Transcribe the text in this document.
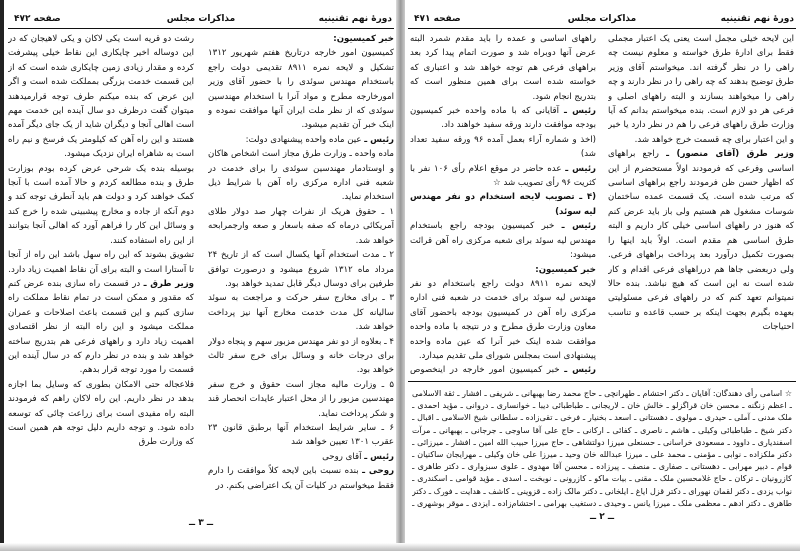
دورهٔ نهم تقنینیه
مذاکرات مجلس
صفحه ۴۷۲

خبر کمیسیون:

کمیسیون امور خارجه درتاریخ هفتم شهریور ۱۳۱۲ تشکیل و لایحه نمره ۸۹۱۱ تقدیمی دولت راجع باستخدام مهندس سوئدی را با حضور آقای وزیر امورخارجه مطرح و مواد آنرا با استخدام مهندسین سوئدی که از نظر ملت ایران آنها موافقت نموده و اینک خبر آن تقدیم میشود.

رئیس ـ عین ماده واحده پیشنهادی دولت:

ماده واحده ـ وزارت طرق مجاز است اشخاص هاکان و اوستادمار مهندسین سوئدی را برای خدمت در شعبه فنی اداره مرکزی راه آهن با شرایط ذیل استخدام نماید.

۱ ـ حقوق هریک از نفرات چهار صد دولار طلای آمریکائی درماه که صفه باسعار و صعه وارجمرابحه خواهد شد.

۲ ـ مدت استخدام آنها یکسال است که از تاریخ ۲۴ مرداد ماه ۱۳۱۲ شروع میشود و درصورت توافق طرفین برای دوسال دیگر قابل تمدید خواهد بود.

۳ ـ برای مخارج سفر حرکت و مراجعت به سوئد سالیانه کل مدت خدمت مخارج آنها نیز پرداخت خواهد شد.

۴ ـ بعلاوه از دو نفر مهندس مزبور سهم و پنجاه دولار برای درجات خانه و وسائل برای خرج سفر ثالث خواهد بود.

۵ ـ وزارت مالیه مجاز است حقوق و خرج سفر مهندسین مزبور را از محل اعتبار عایدات انحصار قند و شکر پرداخت نماید.

۶ ـ سایر شرایط استخدام آنها برطبق قانون ۲۳ عقرب ۱۳۰۱ تعیین خواهد شد

رئیس ـ آقای روحی

روحی ـ بنده نسبت باین لایحه کلاً موافقت را دارم فقط میخواستم در کلیات آن یک اعتراضی بکنم. در

رشت دو قریه است یکی لاکان و یکی لاهیجان که در این دوساله اخیر چایکاری این نقاط خیلی پیشرفت کرده و مقدار زیادی زمین چایکاری شده است که از این قسمت خدمت بزرگی بمملکت شده است و اگر این عرض که بنده میکنم طرف توجه قرارمیدهند میتوان گفت درظرف دو سال آینده این خدمت مهم است اهالی آنجا و دیگران شاید از یک جای دیگر آمده هستند و این راه آهن که کیلومتر یک فرسخ و نیم راه است به شاهراه ایران نزدیک میشود.

بوسیله بنده یک شرحی عرض کرده بودم بوزارت طرق و بنده مطالعه کردم و حالا آمده است با آنجا کمک خواهند کرد و دولت هم باید آنطرف توجه کند و دوم آنکه از جاده و مخارج پیشبینی شده را خرج کند و وسائل این کار را فراهم آورد که اهالی آنجا بتوانند از این راه استفاده کنند.

تشویق بشوند که این راه سهل باشد این راه از آنجا تا آستارا است و البته برای آن نقاط اهمیت زیاد دارد.

وزیر طرق ـ در قسمت راه سازی بنده عرض کنم که مقدور و ممکن است در تمام نقاط مملکت راه سازی کنیم و این قسمت باعث اصلاحات و عمران مملکت میشود و این راه البته از نظر اقتصادی اهمیت زیاد دارد و راههای فرعی هم بتدریج ساخته خواهد شد و بنده در نظر دارم که در سال آینده این قسمت را مورد توجه قرار بدهم.

فلاعجاله حتی الامکان بطوری که وسایل بما اجازه بدهد در نظر داریم. این راه لاکان راهم که فرمودند البته راه مفیدی است برای زراعت چائی که توسعه داده شود. و توجه داریم دلیل توجه هم همین است که وزارت طرق

ــ ۳ ــ
دورهٔ نهم تقنینیه
مذاکرات مجلس
صفحه ۴۷۱

این لایحه خیلی مجمل است یعنی یک اعتبار مجملی فقط برای ادارهٔ طرق خواسته و معلوم نیست چه راهی را در نظر گرفته اند. میخواستم آقای وزیر طرق توضیح بدهند که چه راهی را در نظر دارند و چه راهی را میخواهند بسازند و البته راههای اصلی و فرعی هر دو لازم است. بنده میخواستم بدانم که آیا وزارت طرق راههای فرعی را هم در نظر دارد یا خیر و این اعتبار برای چه قسمت خرج خواهد شد.

وزیر طرق (آقای منصور) ـ راجع براههای اساسی وفرعی که فرمودند اولاً مستحضرم از این که اظهار حسن ظن فرمودند راجع براههای اساسی که مرتب شده است. یک قسمت عمده ساختمان شوسات مشغول هم هستیم ولی باز باید عرض کنم که هنوز در راههای اساسی خیلی کار داریم و البته طرق اساسی هم مقدم است. اولاً باید اینها را بصورت تکمیل درآورد بعد پرداخت براههای فرعی. ولی دربعضی جاها هم درراههای فرعی اقدام و کار شده است نه این است که هیچ نباشد. بنده حالا نمیتوانم تعهد کنم که در راههای فرعی مسئولیتی بعهده بگیرم بجهت اینکه بر حسب قاعده و تناسب احتیاجات

راههای اساسی و عمده را باید مقدم شمرد البته عرض آنها دوبراه شد و صورت اتمام پیدا کرد بعد براههای فرعی هم توجه خواهد شد و اعتباری که خواسته شده است برای همین منظور است که بتدریج انجام شود.

رئیس ـ آقایانی که با ماده واحده خبر کمیسیون بودجه موافقت دارند ورقه سفید خواهند داد.

(اخذ و شماره آراء بعمل آمده ۹۶ ورقه سفید تعداد شد)

رئیس ـ عده حاضر در موقع اعلام رأی ۱۰۶ نفر با کثریت ۹۶ رأی تصویب شد ☆

(۴ ـ تصویب لایحه استخدام دو نفر مهندس لیه سوئد)

رئیس ـ خبر کمیسیون بودجه راجع باستخدام مهندس لیه سوئد برای شعبه مرکزی راه آهن قرائت میشود:

خبر کمیسیون:

لایحه نمره ۸۹۱۱ دولت راجع باستخدام دو نفر مهندس لیه سوئد برای خدمت در شعبه فنی اداره مرکزی راه آهن در کمیسیون بودجه باحضور آقای معاون وزارت طرق مطرح و در نتیجه با ماده واحده موافقت شده اینک خبر آنرا که عین ماده واحده پیشنهادی است بمجلس شورای ملی تقدیم میدارد.

رئیس ـ خبر کمیسیون امور خارجه در اینخصوص

☆ اسامی رأی دهندگان: آقایان ـ دکتر احتشام ـ طهرانچی ـ حاج محمد رضا بهبهانی ـ شریفی ـ افشار ـ ثقة الاسلامی ـ اعظم زنگنه ـ محسن خان قراگزلو ـ خالش خان ـ لاریجانی ـ طباطبائی دیبا ـ خوانساری ـ دروانی ـ مؤید احمدی ـ ملک مدنی ـ آملی ـ حیدری ـ مولوی ـ دهستانی ـ اسعد ـ بخنیار ـ فرخی ـ تقی‌زاده ـ سلطانی شیخ الاسلامی ـ اقبال ـ دکتر شیخ ـ طباطبائی وکیلی ـ هاشم ـ ناصری ـ کفائی ـ ارکانی ـ حاج علی آقا ساوجی ـ جرجانی ـ بهبهانی ـ مرآت اسفندیاری ـ داوود ـ مسعودی خراسانی ـ حسنعلی میرزا دولتشاهی ـ حاج میرزا حبیب الله امین ـ افشار ـ میرزائی ـ دکتر ملکزاده ـ نوابی ـ مؤمنی ـ محمد علی ـ میرزا عبدالله خان وحید ـ میرزا علی خان وکیلی ـ مهرایجان ساکنیان ـ قوام ـ دبیر مهرابی ـ دهستانی ـ صفاری ـ منصف ـ پیرزاده ـ محسن آقا مهدوی ـ علوی سبزواری ـ دکتر طاهری ـ کازرونیان ـ ترکان ـ حاج غلامحسین ملک ـ مقنی ـ بیات ماکو ـ کازرونی ـ نوبخت ـ اسدی ـ مؤید قوامی ـ اسکندری ـ نواب یزدی ـ دکتر لقمان نهورای ـ دکتر قزل ایاغ ـ ایلخانی ـ دکتر مالک زاده ـ قزوینی ـ کاشف ـ هدایت ـ فورک ـ دکتر طاهری ـ دکتر ادهم ـ معظمی ملک ـ میرزا یانس ـ وحیدی ـ دستغیب بهرامی ـ احتشام‌زاده ـ ایزدی ـ موقر بوشهری ـ
ــ ۲ ــ
